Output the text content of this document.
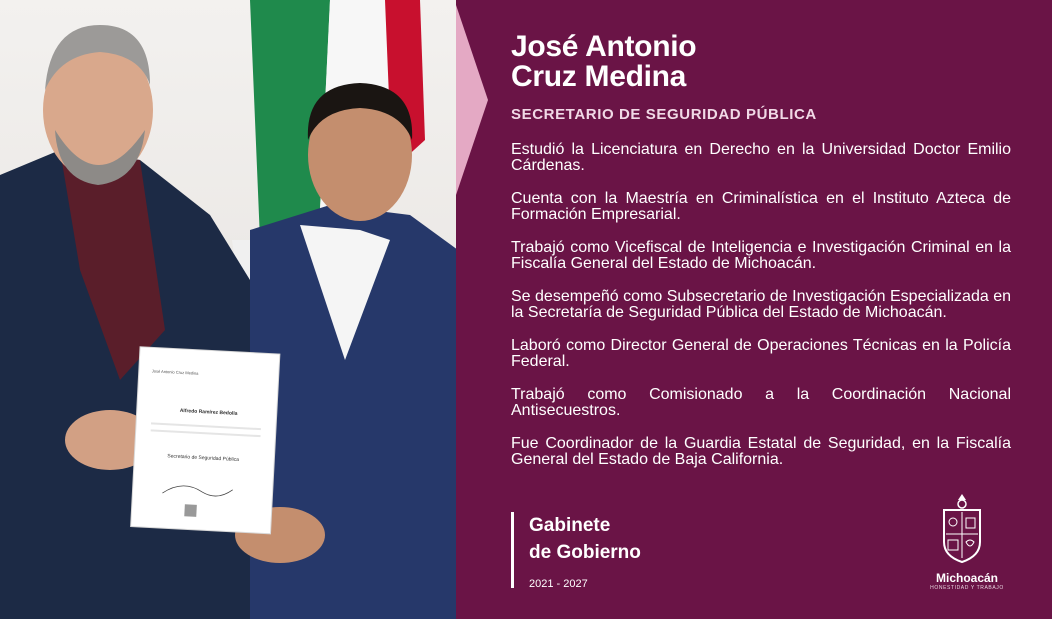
José Antonio Cruz Medina
Alfredo Ramírez Bedolla
Secretario de Seguridad Pública
José Antonio
Cruz Medina
SECRETARIO DE SEGURIDAD PÚBLICA

Estudió la Licenciatura en Derecho en la Universidad Doctor Emilio Cárdenas.

Cuenta con la Maestría en Criminalística en el Instituto Azteca de Formación Empresarial.

Trabajó como Vicefiscal de Inteligencia e Investigación Criminal en la Fiscalía General del Estado de Michoacán.

Se desempeñó como Subsecretario de Investigación Especializada en la Secretaría de Seguridad Pública del Estado de Michoacán.

Laboró como Director General de Operaciones Técnicas en la Policía Federal.

Trabajó como Comisionado a la Coordinación Nacional Antisecuestros.

Fue Coordinador de la Guardia Estatal de Seguridad, en la Fiscalía General del Estado de Baja California.

Gabinete
de Gobierno
2021 - 2027	Michoacán
HONESTIDAD Y TRABAJO
